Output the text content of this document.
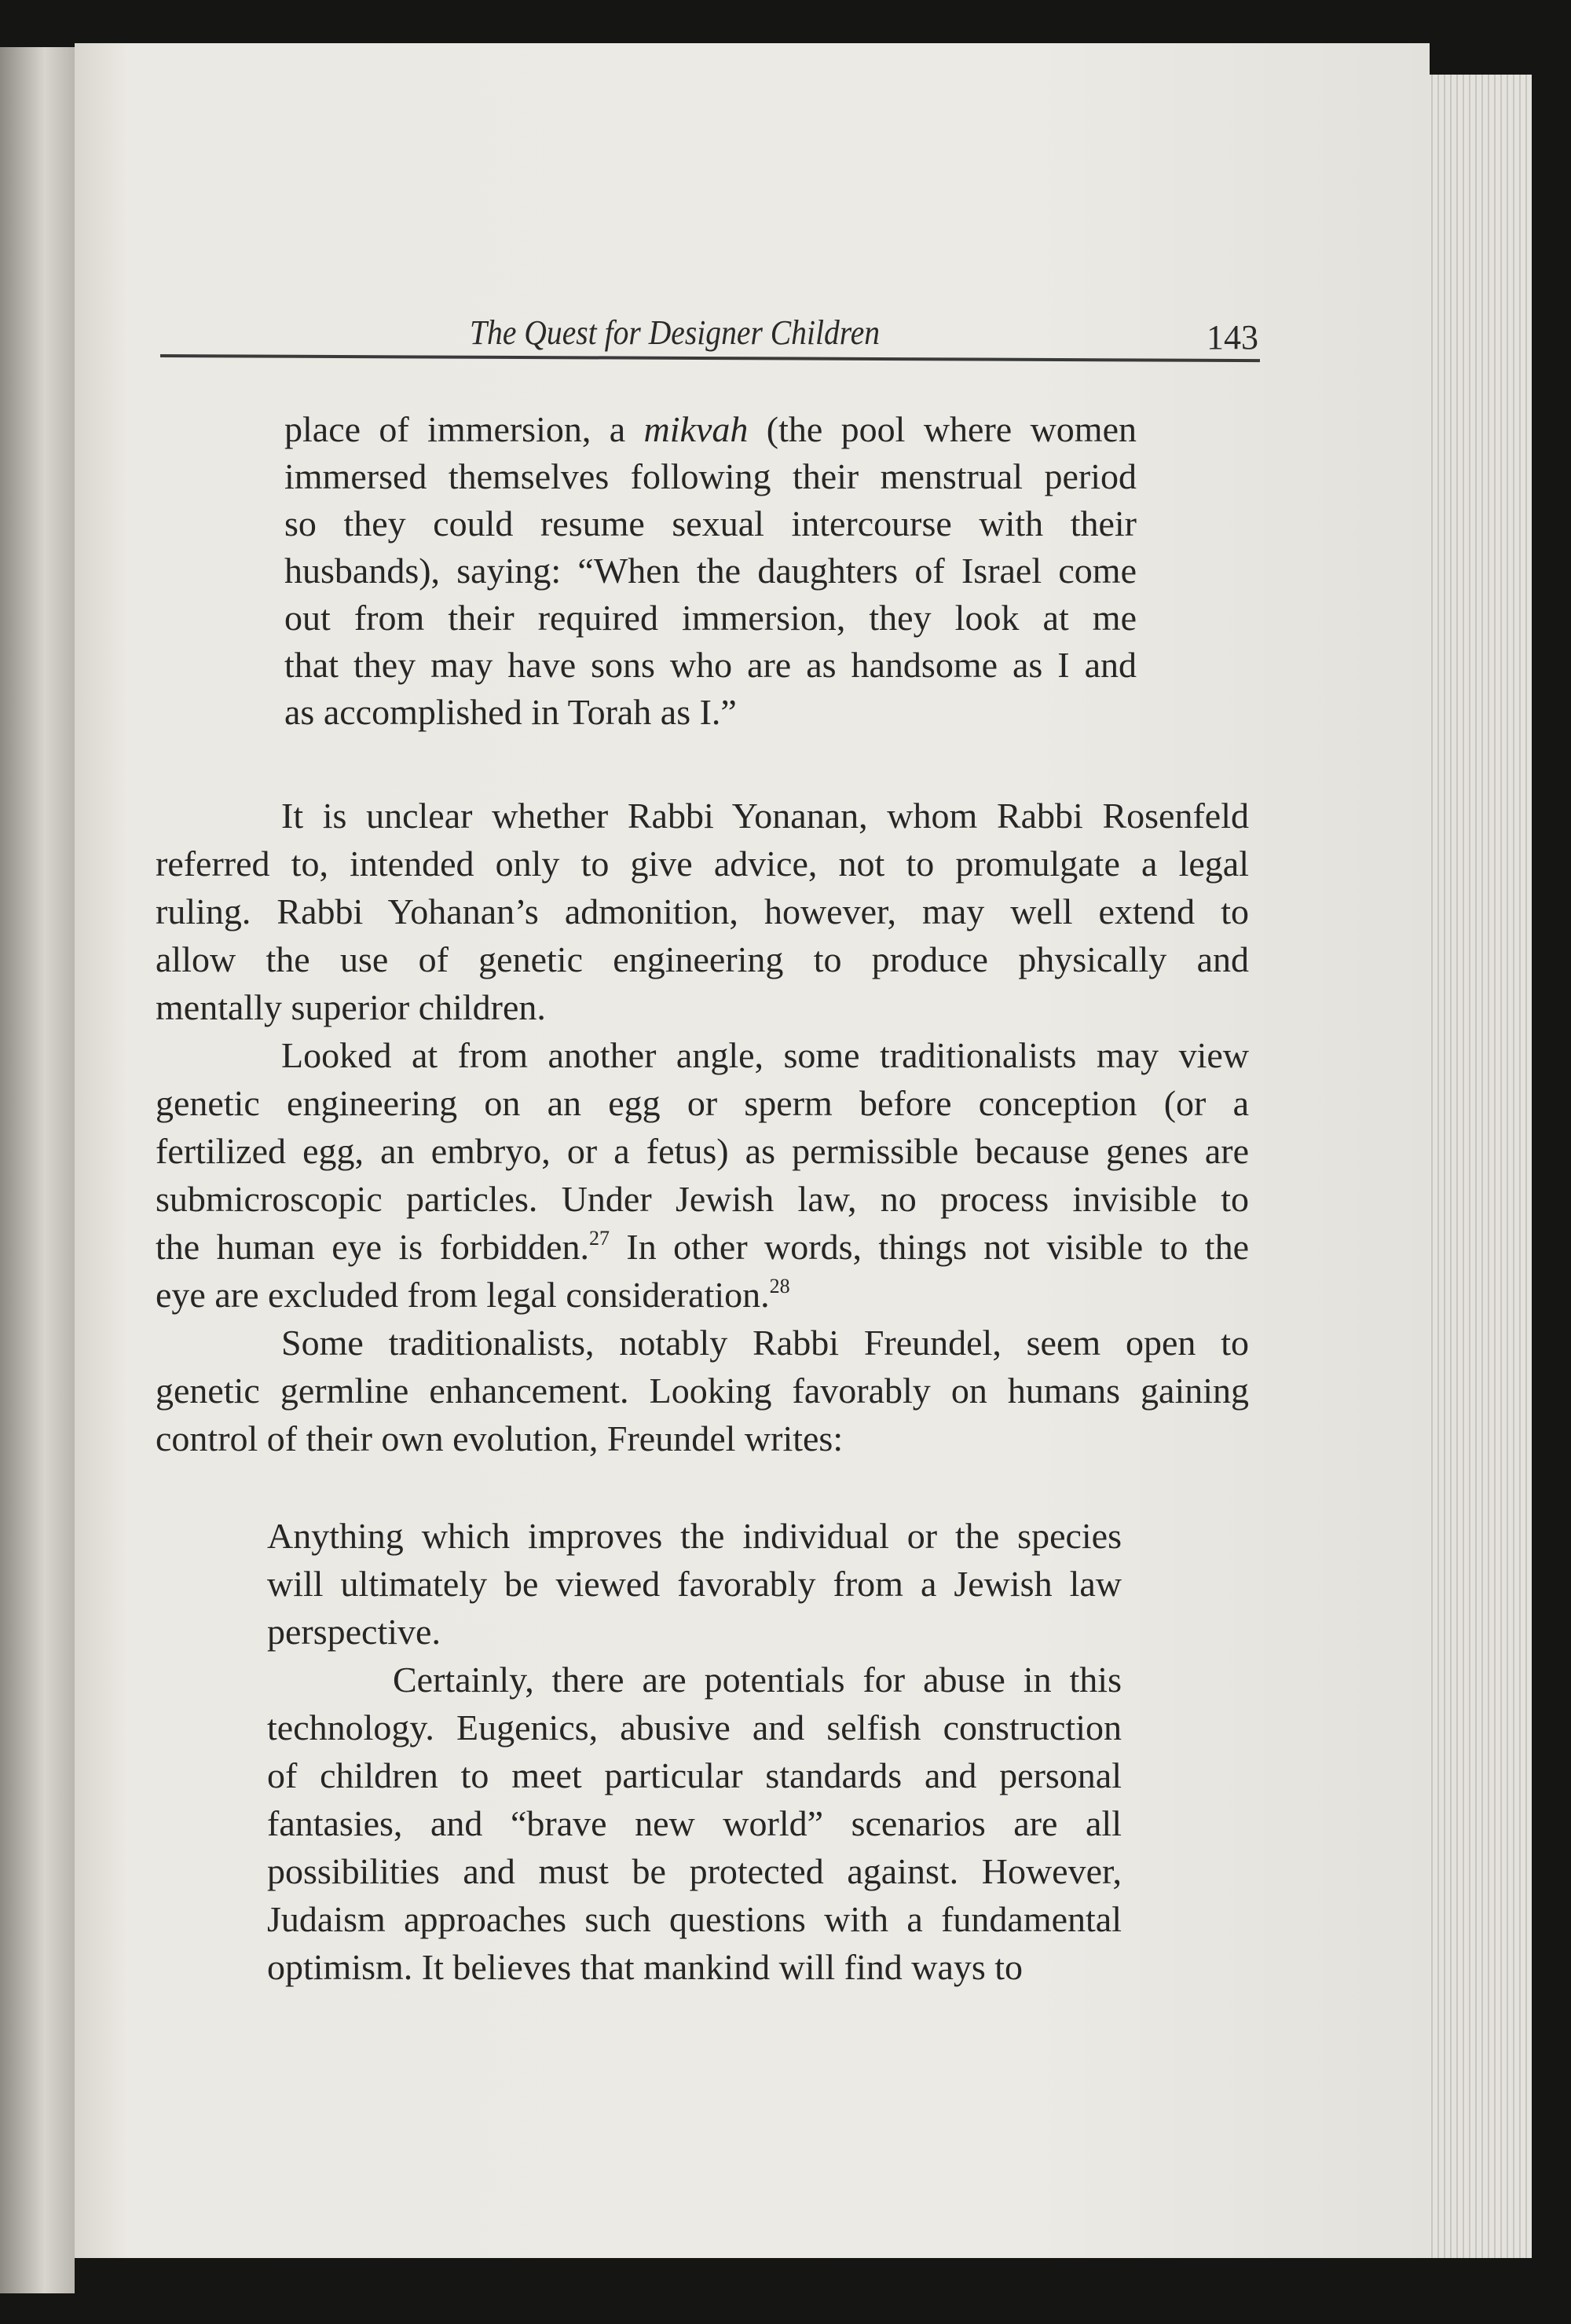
The Quest for Designer Children	143
place of immersion, a mikvah (the pool where women
immersed themselves following their menstrual period
so they could resume sexual intercourse with their
husbands), saying: “When the daughters of Israel come
out from their required immersion, they look at me
that they may have sons who are as handsome as I and
as accomplished in Torah as I.”
It is unclear whether Rabbi Yonanan, whom Rabbi Rosenfeld
referred to, intended only to give advice, not to promulgate a legal
ruling. Rabbi Yohanan’s admonition, however, may well extend to
allow the use of genetic engineering to produce physically and
mentally superior children.
Looked at from another angle, some traditionalists may view
genetic engineering on an egg or sperm before conception (or a
fertilized egg, an embryo, or a fetus) as permissible because genes are
submicroscopic particles. Under Jewish law, no process invisible to
the human eye is forbidden.$^{27}$ In other words, things not visible to the
eye are excluded from legal consideration.$^{28}$
Some traditionalists, notably Rabbi Freundel, seem open to
genetic germline enhancement. Looking favorably on humans gaining
control of their own evolution, Freundel writes:
Anything which improves the individual or the species
will ultimately be viewed favorably from a Jewish law
perspective.
Certainly, there are potentials for abuse in this
technology. Eugenics, abusive and selfish construction
of children to meet particular standards and personal
fantasies, and “brave new world” scenarios are all
possibilities and must be protected against. However,
Judaism approaches such questions with a fundamental
optimism. It believes that mankind will find ways to
